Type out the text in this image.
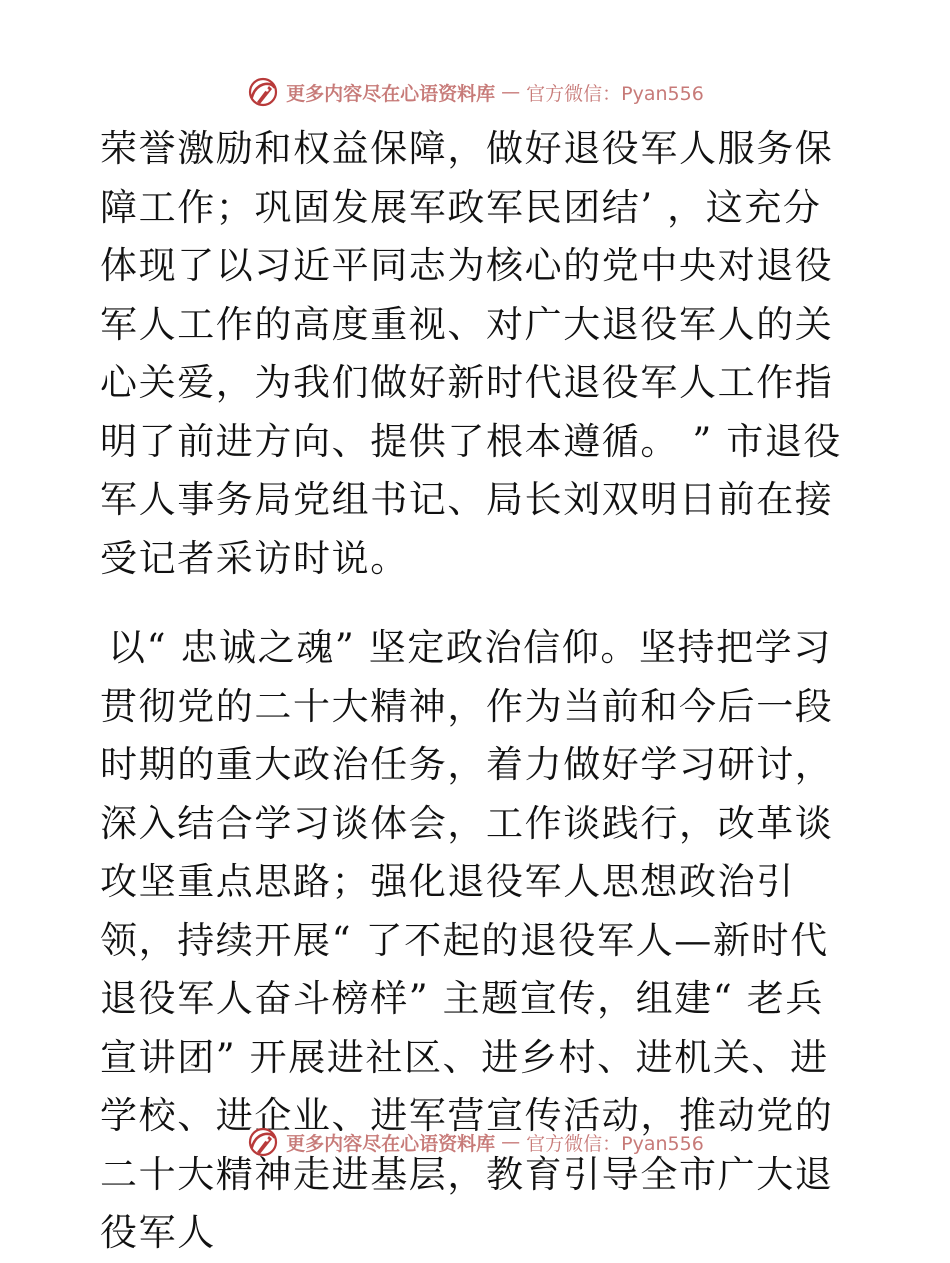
更多内容尽在心语资料库 — 官方微信：Pyan556

荣誉激励和权益保障，做好退役军人服务保障工作；巩固发展军政军民团结’ ，这充分体现了以习近平同志为核心的党中央对退役军人工作的高度重视、对广大退役军人的关心关爱，为我们做好新时代退役军人工作指明了前进方向、提供了根本遵循。 ” 市退役军人事务局党组书记、局长刘双明日前在接受记者采访时说。

以“ 忠诚之魂” 坚定政治信仰。坚持把学习贯彻党的二十大精神，作为当前和今后一段时期的重大政治任务，着力做好学习研讨，深入结合学习谈体会，工作谈践行，改革谈攻坚重点思路；强化退役军人思想政治引领，持续开展“ 了不起的退役军人—新时代退役军人奋斗榜样” 主题宣传，组建“ 老兵宣讲团” 开展进社区、进乡村、进机关、进学校、进企业、进军营宣传活动，推动党的二十大精神走进基层，教育引导全市广大退役军人

更多内容尽在心语资料库 — 官方微信：Pyan556
